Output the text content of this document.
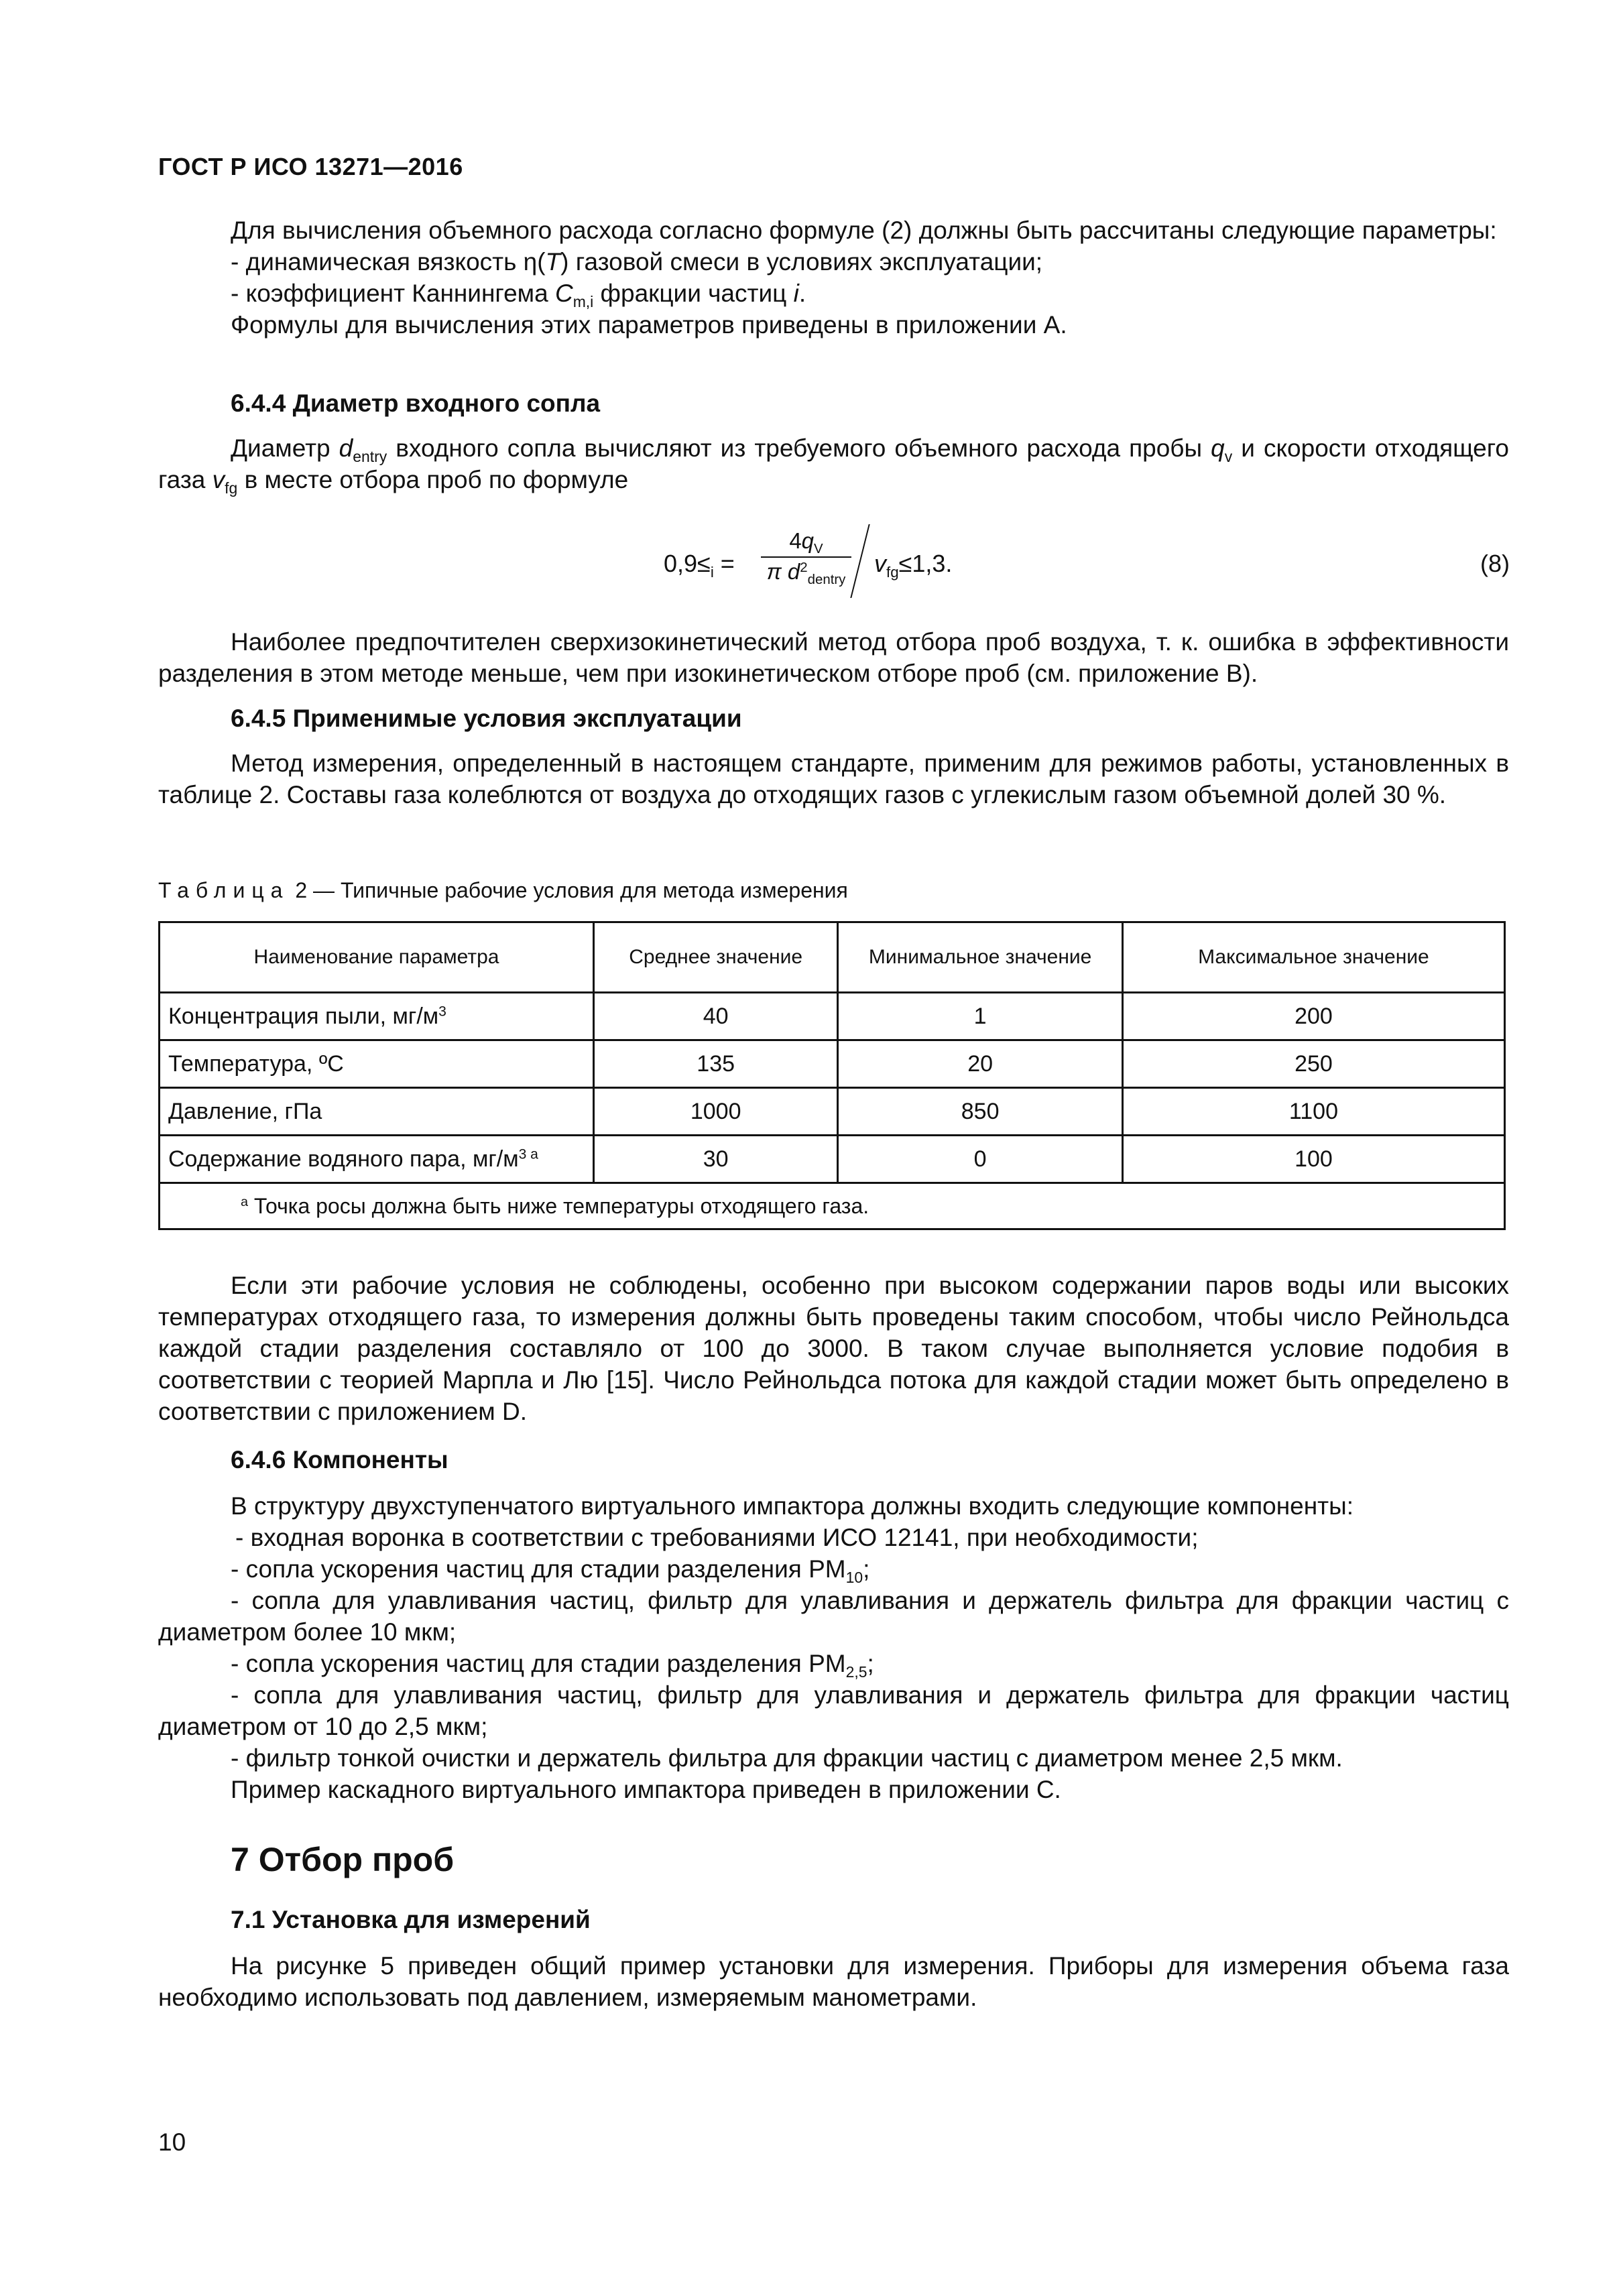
ГОСТ Р ИСО 13271—2016

Для вычисления объемного расхода согласно формуле (2) должны быть рассчитаны следующие параметры:

- динамическая вязкость η(T) газовой смеси в условиях эксплуатации;

- коэффициент Каннингема $C_{m,i}$ фракции частиц i.

Формулы для вычисления этих параметров приведены в приложении А.

6.4.4 Диаметр входного сопла

Диаметр $d_{entry}$ входного сопла вычисляют из требуемого объемного расхода пробы $q_v$ и скорости отходящего газа $v_{fg}$ в месте отбора проб по формуле

$0,9\le_i$ =
$4q_V$
π $d^2_{dentry}$
$v_{fg}\le 1,3$.	(8)

Наиболее предпочтителен сверхизокинетический метод отбора проб воздуха, т. к. ошибка в эффективности разделения в этом методе меньше, чем при изокинетическом отборе проб (см. приложение В).

6.4.5 Применимые условия эксплуатации

Метод измерения, определенный в настоящем стандарте, применим для режимов работы, установленных в таблице 2. Составы газа колеблются от воздуха до отходящих газов с углекислым газом объемной долей 30 %.

Таблица 2 — Типичные рабочие условия для метода измерения
Наименование параметра	Среднее значение	Минимальное значение	Максимальное значение
Концентрация пыли, $мг/м^3$	40	1	200
Температура, ºС	135	20	250
Давление, гПа	1000	850	1100
Содержание водяного пара, $мг/м^{3 a}$	30	0	100
$^a$ Точка росы должна быть ниже температуры отходящего газа.			

Если эти рабочие условия не соблюдены, особенно при высоком содержании паров воды или высоких температурах отходящего газа, то измерения должны быть проведены таким способом, чтобы число Рейнольдса каждой стадии разделения составляло от 100 до 3000. В таком случае выполняется условие подобия в соответствии с теорией Марпла и Лю [15]. Число Рейнольдса потока для каждой стадии может быть определено в соответствии с приложением D.

6.4.6 Компоненты

В структуру двухступенчатого виртуального импактора должны входить следующие компоненты:

- входная воронка в соответствии с требованиями ИСО 12141, при необходимости;

- сопла ускорения частиц для стадии разделения $PM_{10}$;

- сопла для улавливания частиц, фильтр для улавливания и держатель фильтра для фракции частиц с диаметром более 10 мкм;

- сопла ускорения частиц для стадии разделения $PM_{2,5}$;

- сопла для улавливания частиц, фильтр для улавливания и держатель фильтра для фракции частиц диаметром от 10 до 2,5 мкм;

- фильтр тонкой очистки и держатель фильтра для фракции частиц с диаметром менее 2,5 мкм.

Пример каскадного виртуального импактора приведен в приложении С.

7 Отбор проб

7.1 Установка для измерений

На рисунке 5 приведен общий пример установки для измерения. Приборы для измерения объема газа необходимо использовать под давлением, измеряемым манометрами.

10
